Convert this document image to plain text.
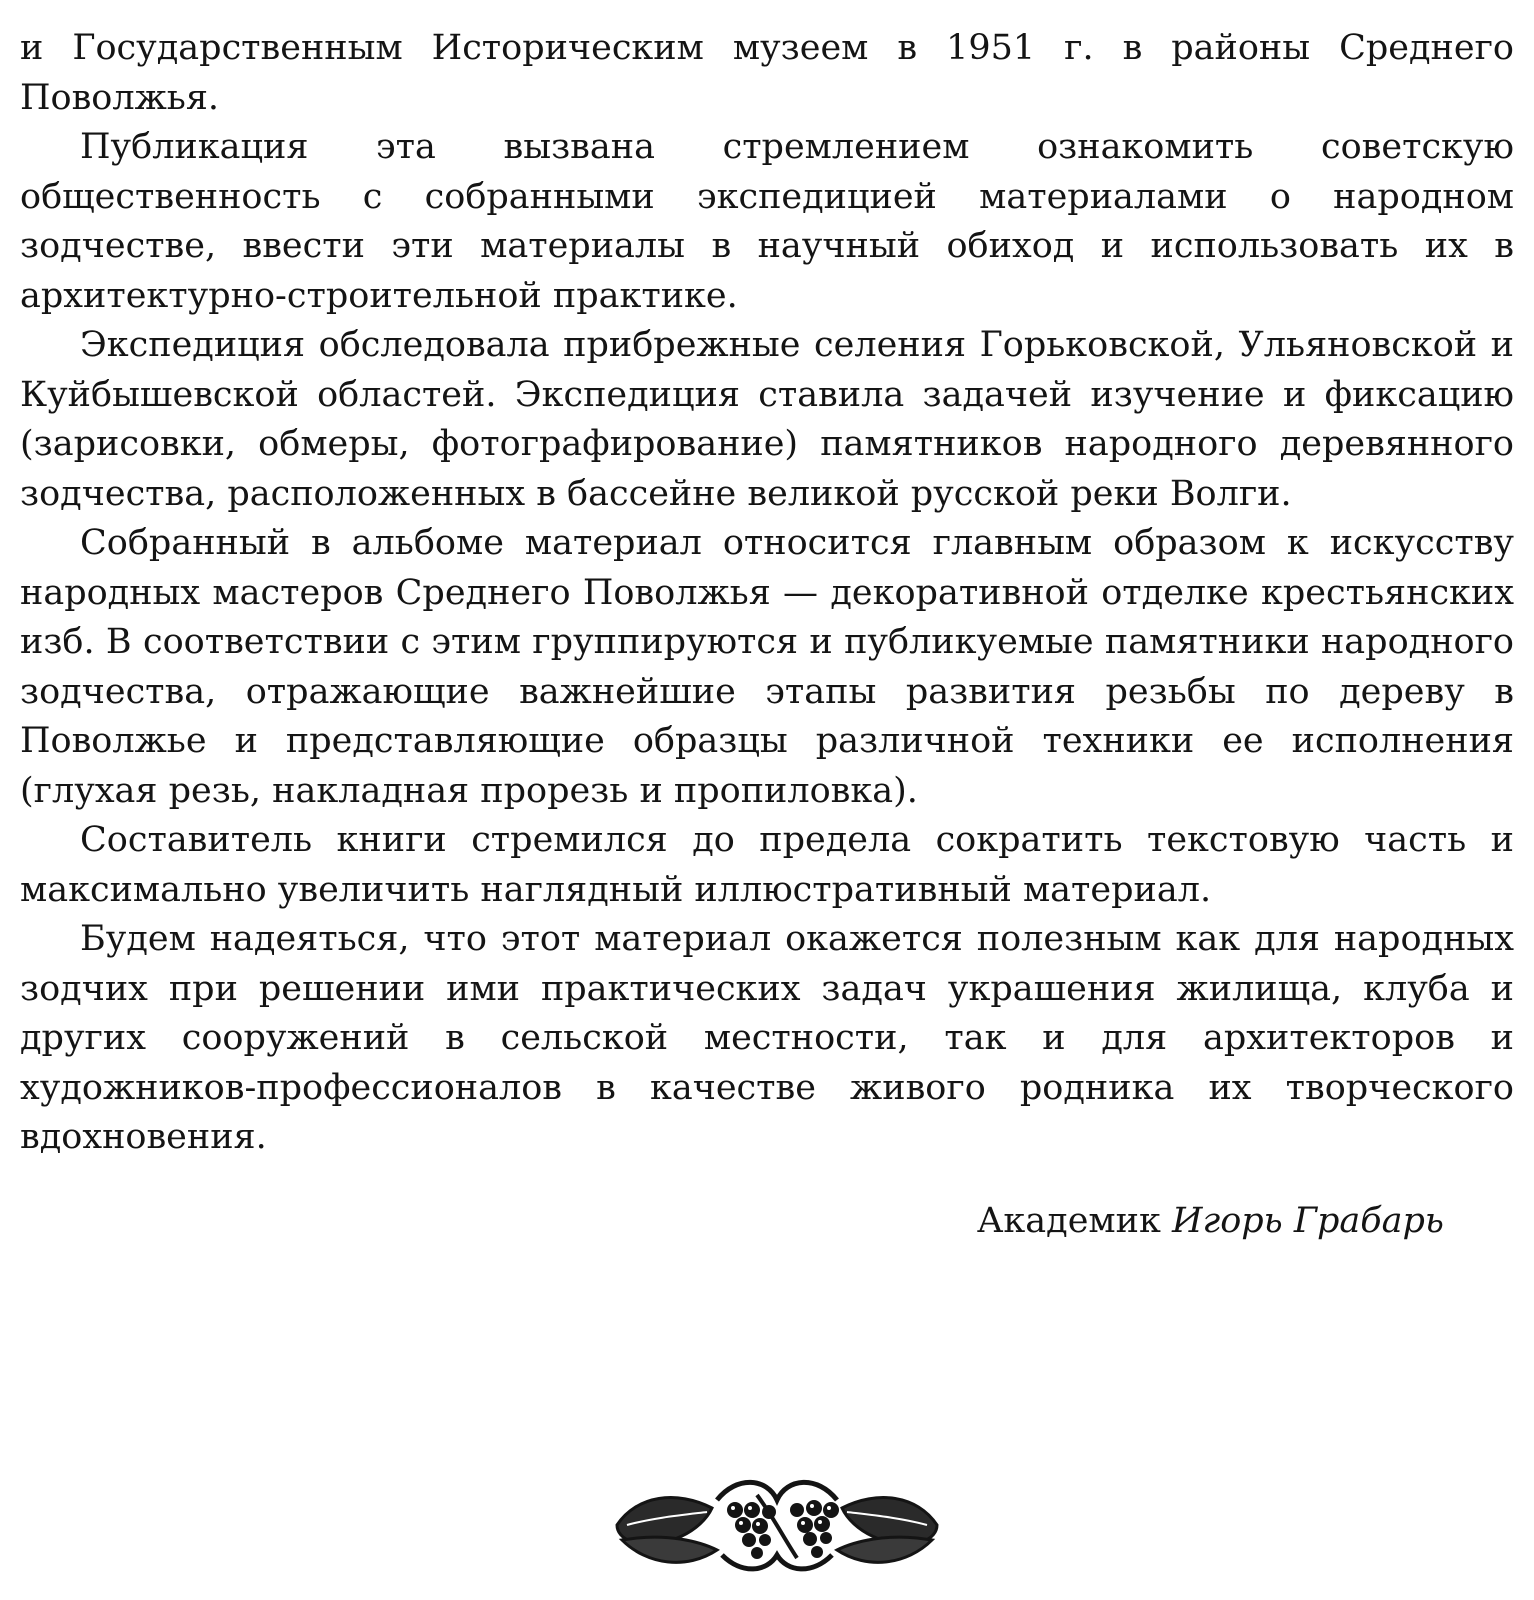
и Государственным Историческим музеем в 1951 г. в районы Среднего Поволжья.

Публикация эта вызвана стремлением ознакомить советскую общественность с собранными экспедицией материалами о народном зодчестве, ввести эти материалы в научный обиход и использовать их в архитектурно-строительной практике.

Экспедиция обследовала прибрежные селения Горьковской, Ульяновской и Куйбышевской областей. Экспедиция ставила задачей изучение и фиксацию (зарисовки, обмеры, фотографирование) памятников народного деревянного зодчества, расположенных в бассейне великой русской реки Волги.

Собранный в альбоме материал относится главным образом к искусству народных мастеров Среднего Поволжья — декоративной отделке крестьянских изб. В соответствии с этим группируются и публикуемые памятники народного зодчества, отражающие важнейшие этапы развития резьбы по дереву в Поволжье и представляющие образцы различной техники ее исполнения (глухая резь, накладная прорезь и пропиловка).

Составитель книги стремился до предела сократить текстовую часть и максимально увеличить наглядный иллюстративный материал.

Будем надеяться, что этот материал окажется полезным как для народных зодчих при решении ими практических задач украшения жилища, клуба и других сооружений в сельской местности, так и для архитекторов и художников-профессионалов в качестве живого родника их творческого вдохновения.

Академик Игорь Грабарь
